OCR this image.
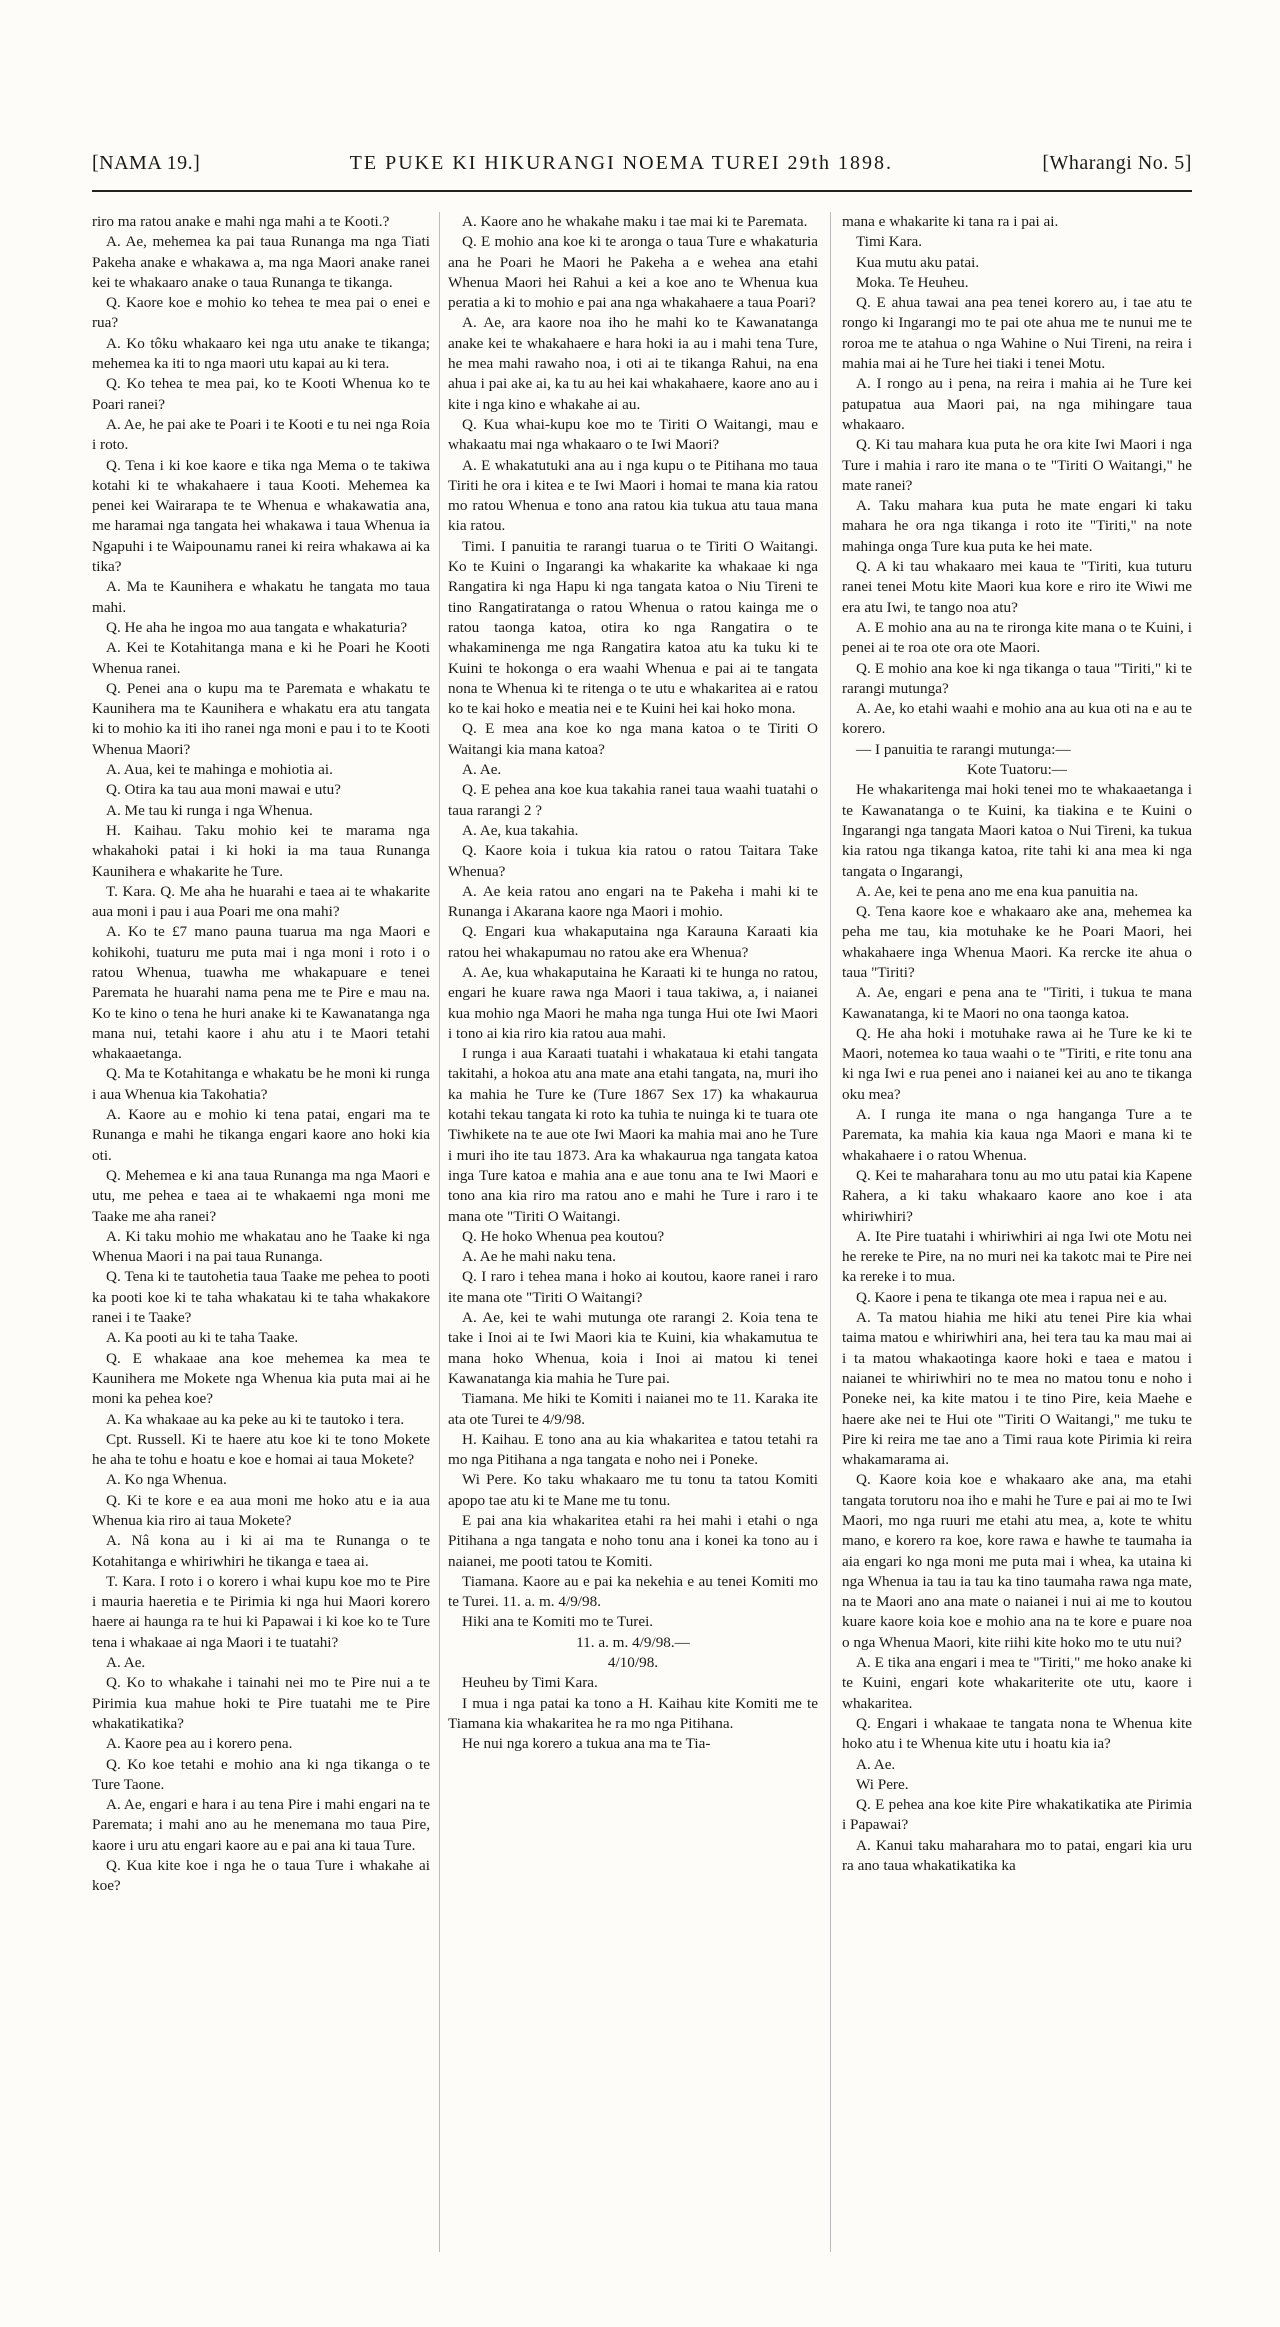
[NAMA 19.]	TE PUKE KI HIKURANGI NOEMA TUREI 29th 1898.	[Wharangi No. 5]

riro ma ratou anake e mahi nga mahi a te Kooti.?

A. Ae, mehemea ka pai taua Runanga ma nga Tiati Pakeha anake e whakawa a, ma nga Maori anake ranei kei te whakaaro anake o taua Runanga te tikanga.

Q. Kaore koe e mohio ko tehea te mea pai o enei e rua?

A. Ko tôku whakaaro kei nga utu anake te tikanga; mehemea ka iti to nga maori utu kapai au ki tera.

Q. Ko tehea te mea pai, ko te Kooti Whenua ko te Poari ranei?

A. Ae, he pai ake te Poari i te Kooti e tu nei nga Roia i roto.

Q. Tena i ki koe kaore e tika nga Mema o te takiwa kotahi ki te whakahaere i taua Kooti. Mehemea ka penei kei Wairarapa te te Whenua e whakawatia ana, me haramai nga tangata hei whakawa i taua Whenua ia Ngapuhi i te Waipounamu ranei ki reira whakawa ai ka tika?

A. Ma te Kaunihera e whakatu he tangata mo taua mahi.

Q. He aha he ingoa mo aua tangata e whakaturia?

A. Kei te Kotahitanga mana e ki he Poari he Kooti Whenua ranei.

Q. Penei ana o kupu ma te Paremata e whakatu te Kaunihera ma te Kaunihera e whakatu era atu tangata ki to mohio ka iti iho ranei nga moni e pau i to te Kooti Whenua Maori?

A. Aua, kei te mahinga e mohiotia ai.

Q. Otira ka tau aua moni mawai e utu?

A. Me tau ki runga i nga Whenua.

H. Kaihau. Taku mohio kei te marama nga whakahoki patai i ki hoki ia ma taua Runanga Kaunihera e whakarite he Ture.

T. Kara. Q. Me aha he huarahi e taea ai te whakarite aua moni i pau i aua Poari me ona mahi?

A. Ko te £7 mano pauna tuarua ma nga Maori e kohikohi, tuaturu me puta mai i nga moni i roto i o ratou Whenua, tuawha me whakapuare e tenei Paremata he huarahi nama pena me te Pire e mau na. Ko te kino o tena he huri anake ki te Kawanatanga nga mana nui, tetahi kaore i ahu atu i te Maori tetahi whakaaetanga.

Q. Ma te Kotahitanga e whakatu be he moni ki runga i aua Whenua kia Takohatia?

A. Kaore au e mohio ki tena patai, engari ma te Runanga e mahi he tikanga engari kaore ano hoki kia oti.

Q. Mehemea e ki ana taua Runanga ma nga Maori e utu, me pehea e taea ai te whakaemi nga moni me Taake me aha ranei?

A. Ki taku mohio me whakatau ano he Taake ki nga Whenua Maori i na pai taua Runanga.

Q. Tena ki te tautohetia taua Taake me pehea to pooti ka pooti koe ki te taha whakatau ki te taha whakakore ranei i te Taake?

A. Ka pooti au ki te taha Taake.

Q. E whakaae ana koe mehemea ka mea te Kaunihera me Mokete nga Whenua kia puta mai ai he moni ka pehea koe?

A. Ka whakaae au ka peke au ki te tautoko i tera.

Cpt. Russell. Ki te haere atu koe ki te tono Mokete he aha te tohu e hoatu e koe e homai ai taua Mokete?

A. Ko nga Whenua.

Q. Ki te kore e ea aua moni me hoko atu e ia aua Whenua kia riro ai taua Mokete?

A. Nâ kona au i ki ai ma te Runanga o te Kotahitanga e whiriwhiri he tikanga e taea ai.

T. Kara. I roto i o korero i whai kupu koe mo te Pire i mauria haeretia e te Pirimia ki nga hui Maori korero haere ai haunga ra te hui ki Papawai i ki koe ko te Ture tena i whakaae ai nga Maori i te tuatahi?

A. Ae.

Q. Ko to whakahe i tainahi nei mo te Pire nui a te Pirimia kua mahue hoki te Pire tuatahi me te Pire whakatikatika?

A. Kaore pea au i korero pena.

Q. Ko koe tetahi e mohio ana ki nga tikanga o te Ture Taone.

A. Ae, engari e hara i au tena Pire i mahi engari na te Paremata; i mahi ano au he menemana mo taua Pire, kaore i uru atu engari kaore au e pai ana ki taua Ture.

Q. Kua kite koe i nga he o taua Ture i whakahe ai koe?

A. Kaore ano he whakahe maku i tae mai ki te Paremata.

Q. E mohio ana koe ki te aronga o taua Ture e whakaturia ana he Poari he Maori he Pakeha a e wehea ana etahi Whenua Maori hei Rahui a kei a koe ano te Whenua kua peratia a ki to mohio e pai ana nga whakahaere a taua Poari?

A. Ae, ara kaore noa iho he mahi ko te Kawanatanga anake kei te whakahaere e hara hoki ia au i mahi tena Ture, he mea mahi rawaho noa, i oti ai te tikanga Rahui, na ena ahua i pai ake ai, ka tu au hei kai whakahaere, kaore ano au i kite i nga kino e whakahe ai au.

Q. Kua whai-kupu koe mo te Tiriti O Waitangi, mau e whakaatu mai nga whakaaro o te Iwi Maori?

A. E whakatutuki ana au i nga kupu o te Pitihana mo taua Tiriti he ora i kitea e te Iwi Maori i homai te mana kia ratou mo ratou Whenua e tono ana ratou kia tukua atu taua mana kia ratou.

Timi. I panuitia te rarangi tuarua o te Tiriti O Waitangi. Ko te Kuini o Ingarangi ka whakarite ka whakaae ki nga Rangatira ki nga Hapu ki nga tangata katoa o Niu Tireni te tino Rangatiratanga o ratou Whenua o ratou kainga me o ratou taonga katoa, otira ko nga Rangatira o te whakaminenga me nga Rangatira katoa atu ka tuku ki te Kuini te hokonga o era waahi Whenua e pai ai te tangata nona te Whenua ki te ritenga o te utu e whakaritea ai e ratou ko te kai hoko e meatia nei e te Kuini hei kai hoko mona.

Q. E mea ana koe ko nga mana katoa o te Tiriti O Waitangi kia mana katoa?

A. Ae.

Q. E pehea ana koe kua takahia ranei taua waahi tuatahi o taua rarangi 2 ?

A. Ae, kua takahia.

Q. Kaore koia i tukua kia ratou o ratou Taitara Take Whenua?

A. Ae keia ratou ano engari na te Pakeha i mahi ki te Runanga i Akarana kaore nga Maori i mohio.

Q. Engari kua whakaputaina nga Karauna Karaati kia ratou hei whakapumau no ratou ake era Whenua?

A. Ae, kua whakaputaina he Karaati ki te hunga no ratou, engari he kuare rawa nga Maori i taua takiwa, a, i naianei kua mohio nga Maori he maha nga tunga Hui ote Iwi Maori i tono ai kia riro kia ratou aua mahi.

I runga i aua Karaati tuatahi i whakataua ki etahi tangata takitahi, a hokoa atu ana mate ana etahi tangata, na, muri iho ka mahia he Ture ke (Ture 1867 Sex 17) ka whakaurua kotahi tekau tangata ki roto ka tuhia te nuinga ki te tuara ote Tiwhikete na te aue ote Iwi Maori ka mahia mai ano he Ture i muri iho ite tau 1873. Ara ka whakaurua nga tangata katoa inga Ture katoa e mahia ana e aue tonu ana te Iwi Maori e tono ana kia riro ma ratou ano e mahi he Ture i raro i te mana ote "Tiriti O Waitangi.

Q. He hoko Whenua pea koutou?

A. Ae he mahi naku tena.

Q. I raro i tehea mana i hoko ai koutou, kaore ranei i raro ite mana ote "Tiriti O Waitangi?

A. Ae, kei te wahi mutunga ote rarangi 2. Koia tena te take i Inoi ai te Iwi Maori kia te Kuini, kia whakamutua te mana hoko Whenua, koia i Inoi ai matou ki tenei Kawanatanga kia mahia he Ture pai.

Tiamana. Me hiki te Komiti i naianei mo te 11. Karaka ite ata ote Turei te 4/9/98.

H. Kaihau. E tono ana au kia whakaritea e tatou tetahi ra mo nga Pitihana a nga tangata e noho nei i Poneke.

Wi Pere. Ko taku whakaaro me tu tonu ta tatou Komiti apopo tae atu ki te Mane me tu tonu.

E pai ana kia whakaritea etahi ra hei mahi i etahi o nga Pitihana a nga tangata e noho tonu ana i konei ka tono au i naianei, me pooti tatou te Komiti.

Tiamana. Kaore au e pai ka nekehia e au tenei Komiti mo te Turei. 11. a. m. 4/9/98.

Hiki ana te Komiti mo te Turei.

11. a. m. 4/9/98.—

4/10/98.

Heuheu by Timi Kara.

I mua i nga patai ka tono a H. Kaihau kite Komiti me te Tiamana kia whakaritea he ra mo nga Pitihana.

He nui nga korero a tukua ana ma te Tia-

mana e whakarite ki tana ra i pai ai.

Timi Kara.

Kua mutu aku patai.

Moka. Te Heuheu.

Q. E ahua tawai ana pea tenei korero au, i tae atu te rongo ki Ingarangi mo te pai ote ahua me te nunui me te roroa me te atahua o nga Wahine o Nui Tireni, na reira i mahia mai ai he Ture hei tiaki i tenei Motu.

A. I rongo au i pena, na reira i mahia ai he Ture kei patupatua aua Maori pai, na nga mihingare taua whakaaro.

Q. Ki tau mahara kua puta he ora kite Iwi Maori i nga Ture i mahia i raro ite mana o te "Tiriti O Waitangi," he mate ranei?

A. Taku mahara kua puta he mate engari ki taku mahara he ora nga tikanga i roto ite "Tiriti," na note mahinga onga Ture kua puta ke hei mate.

Q. A ki tau whakaaro mei kaua te "Tiriti, kua tuturu ranei tenei Motu kite Maori kua kore e riro ite Wiwi me era atu Iwi, te tango noa atu?

A. E mohio ana au na te rironga kite mana o te Kuini, i penei ai te roa ote ora ote Maori.

Q. E mohio ana koe ki nga tikanga o taua "Tiriti," ki te rarangi mutunga?

A. Ae, ko etahi waahi e mohio ana au kua oti na e au te korero.

— I panuitia te rarangi mutunga:—

Kote Tuatoru:—

He whakaritenga mai hoki tenei mo te whakaaetanga i te Kawanatanga o te Kuini, ka tiakina e te Kuini o Ingarangi nga tangata Maori katoa o Nui Tireni, ka tukua kia ratou nga tikanga katoa, rite tahi ki ana mea ki nga tangata o Ingarangi,

A. Ae, kei te pena ano me ena kua panuitia na.

Q. Tena kaore koe e whakaaro ake ana, mehemea ka peha me tau, kia motuhake ke he Poari Maori, hei whakahaere inga Whenua Maori. Ka rercke ite ahua o taua "Tiriti?

A. Ae, engari e pena ana te "Tiriti, i tukua te mana Kawanatanga, ki te Maori no ona taonga katoa.

Q. He aha hoki i motuhake rawa ai he Ture ke ki te Maori, notemea ko taua waahi o te "Tiriti, e rite tonu ana ki nga Iwi e rua penei ano i naianei kei au ano te tikanga oku mea?

A. I runga ite mana o nga hanganga Ture a te Paremata, ka mahia kia kaua nga Maori e mana ki te whakahaere i o ratou Whenua.

Q. Kei te maharahara tonu au mo utu patai kia Kapene Rahera, a ki taku whakaaro kaore ano koe i ata whiriwhiri?

A. Ite Pire tuatahi i whiriwhiri ai nga Iwi ote Motu nei he rereke te Pire, na no muri nei ka takotc mai te Pire nei ka rereke i to mua.

Q. Kaore i pena te tikanga ote mea i rapua nei e au.

A. Ta matou hiahia me hiki atu tenei Pire kia whai taima matou e whiriwhiri ana, hei tera tau ka mau mai ai i ta matou whakaotinga kaore hoki e taea e matou i naianei te whiriwhiri no te mea no matou tonu e noho i Poneke nei, ka kite matou i te tino Pire, keia Maehe e haere ake nei te Hui ote "Tiriti O Waitangi," me tuku te Pire ki reira me tae ano a Timi raua kote Pirimia ki reira whakamarama ai.

Q. Kaore koia koe e whakaaro ake ana, ma etahi tangata torutoru noa iho e mahi he Ture e pai ai mo te Iwi Maori, mo nga ruuri me etahi atu mea, a, kote te whitu mano, e korero ra koe, kore rawa e hawhe te taumaha ia aia engari ko nga moni me puta mai i whea, ka utaina ki nga Whenua ia tau ia tau ka tino taumaha rawa nga mate, na te Maori ano ana mate o naianei i nui ai me to koutou kuare kaore koia koe e mohio ana na te kore e puare noa o nga Whenua Maori, kite riihi kite hoko mo te utu nui?

A. E tika ana engari i mea te "Tiriti," me hoko anake ki te Kuini, engari kote whakariterite ote utu, kaore i whakaritea.

Q. Engari i whakaae te tangata nona te Whenua kite hoko atu i te Whenua kite utu i hoatu kia ia?

A. Ae.

Wi Pere.

Q. E pehea ana koe kite Pire whakatikatika ate Pirimia i Papawai?

A. Kanui taku maharahara mo to patai, engari kia uru ra ano taua whakatikatika ka
